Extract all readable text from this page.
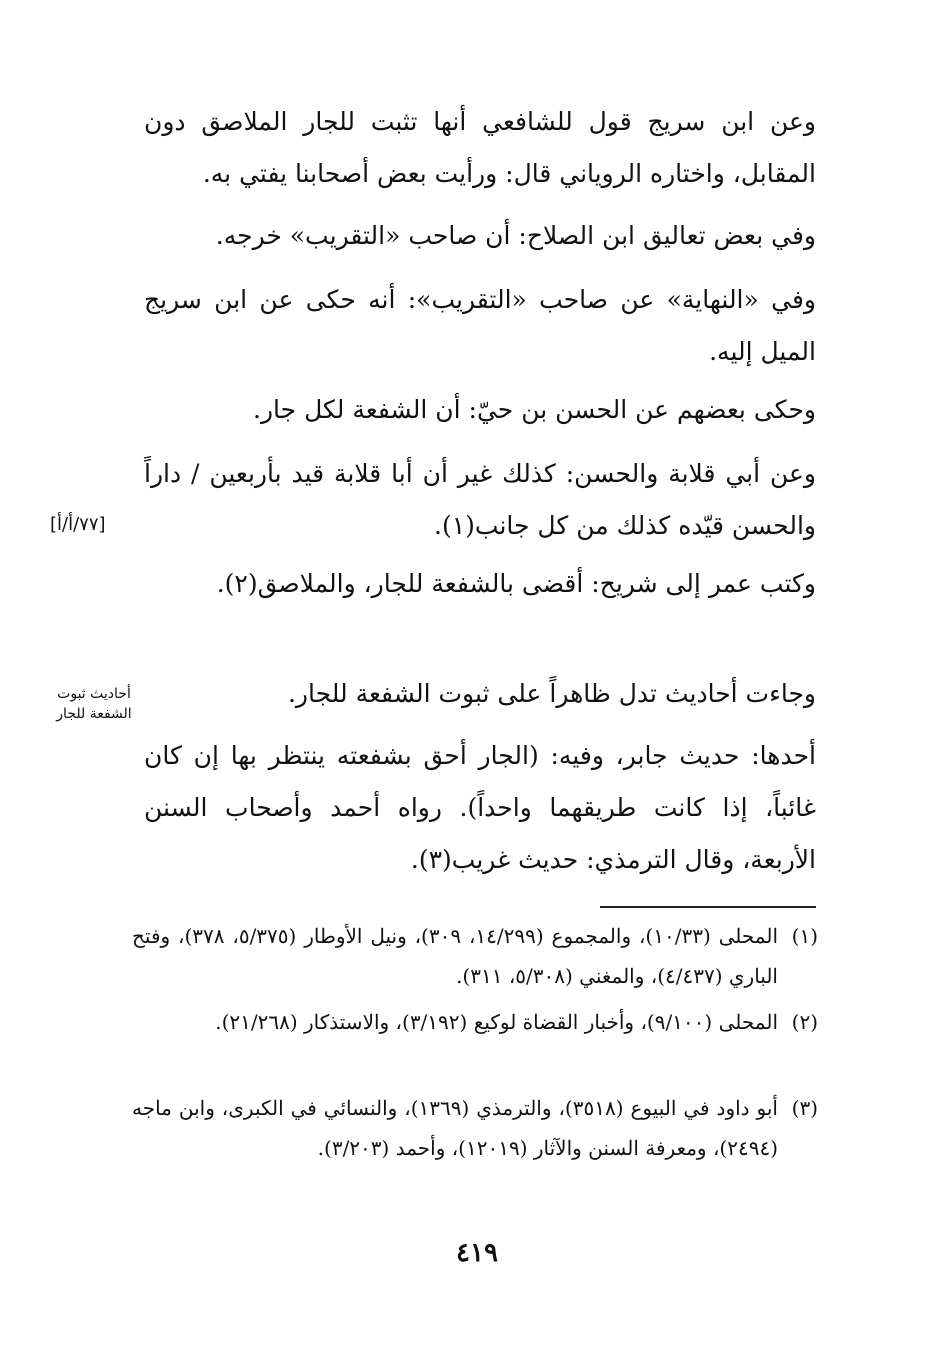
وعن ابن سريج قول للشافعي أنها تثبت للجار الملاصق دون المقابل، واختاره الروياني قال: ورأيت بعض أصحابنا يفتي به.

وفي بعض تعاليق ابن الصلاح: أن صاحب «التقريب» خرجه.

وفي «النهاية» عن صاحب «التقريب»: أنه حكى عن ابن سريج الميل إليه.

وحكى بعضهم عن الحسن بن حيّ: أن الشفعة لكل جار.

وعن أبي قلابة والحسن: كذلك غير أن أبا قلابة قيد بأربعين / داراً والحسن قيّده كذلك من كل جانب(١).

وكتب عمر إلى شريح: أقضى بالشفعة للجار، والملاصق(٢).

وجاءت أحاديث تدل ظاهراً على ثبوت الشفعة للجار.

أحدها: حديث جابر، وفيه: (الجار أحق بشفعته ينتظر بها إن كان غائباً، إذا كانت طريقهما واحداً). رواه أحمد وأصحاب السنن الأربعة، وقال الترمذي: حديث غريب(٣).

[٧٧/أ/أ]
أحاديث ثبوت الشفعة للجار
(١)
المحلى (١٠/٣٣)، والمجموع (١٤/٢٩٩، ٣٠٩)، ونيل الأوطار (٥/٣٧٥، ٣٧٨)، وفتح الباري (٤/٤٣٧)، والمغني (٥/٣٠٨، ٣١١).
(٢)
المحلى (٩/١٠٠)، وأخبار القضاة لوكيع (٣/١٩٢)، والاستذكار (٢١/٢٦٨).
(٣)
أبو داود في البيوع (٣٥١٨)، والترمذي (١٣٦٩)، والنسائي في الكبرى، وابن ماجه (٢٤٩٤)، ومعرفة السنن والآثار (١٢٠١٩)، وأحمد (٣/٢٠٣).
٤١٩
